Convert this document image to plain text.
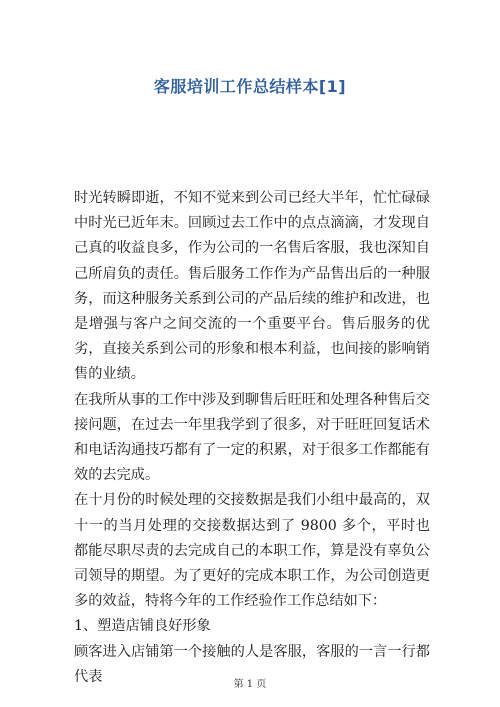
客服培训工作总结样本[1]

时光转瞬即逝，不知不觉来到公司已经大半年，忙忙碌碌中时光已近年末。回顾过去工作中的点点滴滴，才发现自己真的收益良多，作为公司的一名售后客服，我也深知自己所肩负的责任。售后服务工作作为产品售出后的一种服务，而这种服务关系到公司的产品后续的维护和改进，也是增强与客户之间交流的一个重要平台。售后服务的优劣，直接关系到公司的形象和根本利益，也间接的影响销售的业绩。

在我所从事的工作中涉及到聊售后旺旺和处理各种售后交接问题，在过去一年里我学到了很多，对于旺旺回复话术和电话沟通技巧都有了一定的积累，对于很多工作都能有效的去完成。

在十月份的时候处理的交接数据是我们小组中最高的，双十一的当月处理的交接数据达到了 9800 多个，平时也都能尽职尽责的去完成自己的本职工作，算是没有辜负公司领导的期望。为了更好的完成本职工作，为公司创造更多的效益，特将今年的工作经验作工作总结如下：

1、塑造店铺良好形象

顾客进入店铺第一个接触的人是客服，客服的一言一行都代表	第 1 页
